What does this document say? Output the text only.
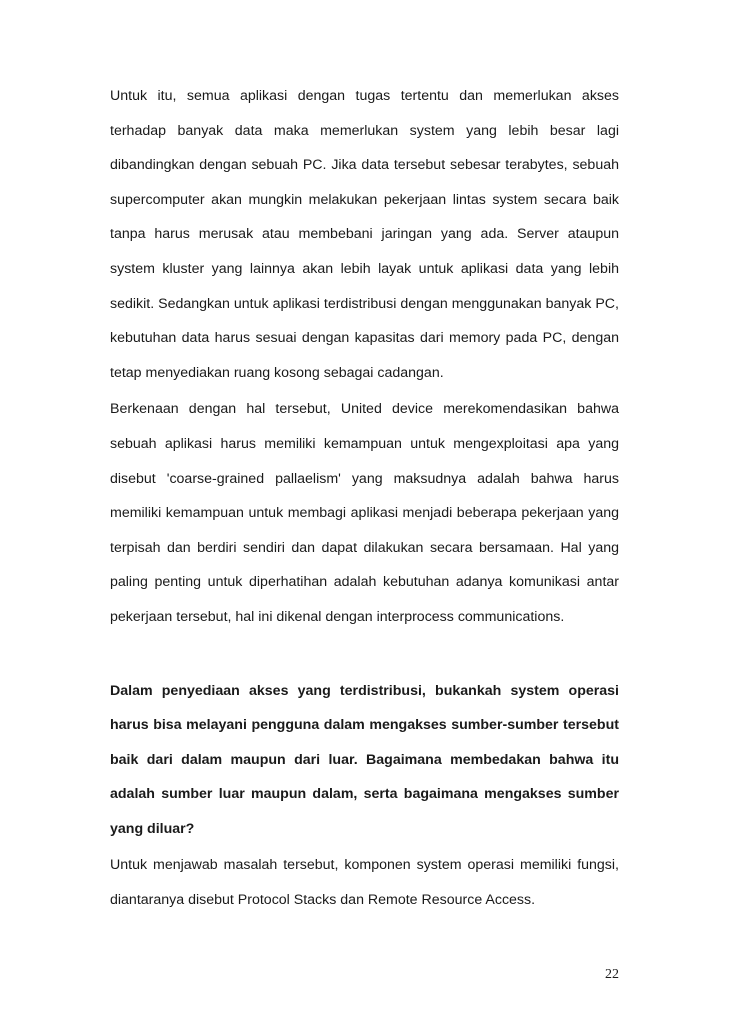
Untuk itu, semua aplikasi dengan tugas tertentu dan memerlukan akses terhadap banyak data maka memerlukan system yang lebih besar lagi dibandingkan dengan sebuah PC. Jika data tersebut sebesar terabytes, sebuah supercomputer akan mungkin melakukan pekerjaan lintas system secara baik tanpa harus merusak atau membebani jaringan yang ada. Server ataupun system kluster yang lainnya akan lebih layak untuk aplikasi data yang lebih sedikit. Sedangkan untuk aplikasi terdistribusi dengan menggunakan banyak PC, kebutuhan data harus sesuai dengan kapasitas dari memory pada PC, dengan tetap menyediakan ruang kosong sebagai cadangan.

Berkenaan dengan hal tersebut, United device merekomendasikan bahwa sebuah aplikasi harus memiliki kemampuan untuk mengexploitasi apa yang disebut 'coarse-grained pallaelism' yang maksudnya adalah bahwa harus memiliki kemampuan untuk membagi aplikasi menjadi beberapa pekerjaan yang terpisah dan berdiri sendiri dan dapat dilakukan secara bersamaan. Hal yang paling penting untuk diperhatihan adalah kebutuhan adanya komunikasi antar pekerjaan tersebut, hal ini dikenal dengan interprocess communications.

Dalam penyediaan akses yang terdistribusi, bukankah system operasi harus bisa melayani pengguna dalam mengakses sumber-sumber tersebut baik dari dalam maupun dari luar. Bagaimana membedakan bahwa itu adalah sumber luar maupun dalam, serta bagaimana mengakses sumber yang diluar?

Untuk menjawab masalah tersebut, komponen system operasi memiliki fungsi, diantaranya disebut Protocol Stacks dan Remote Resource Access.

22
